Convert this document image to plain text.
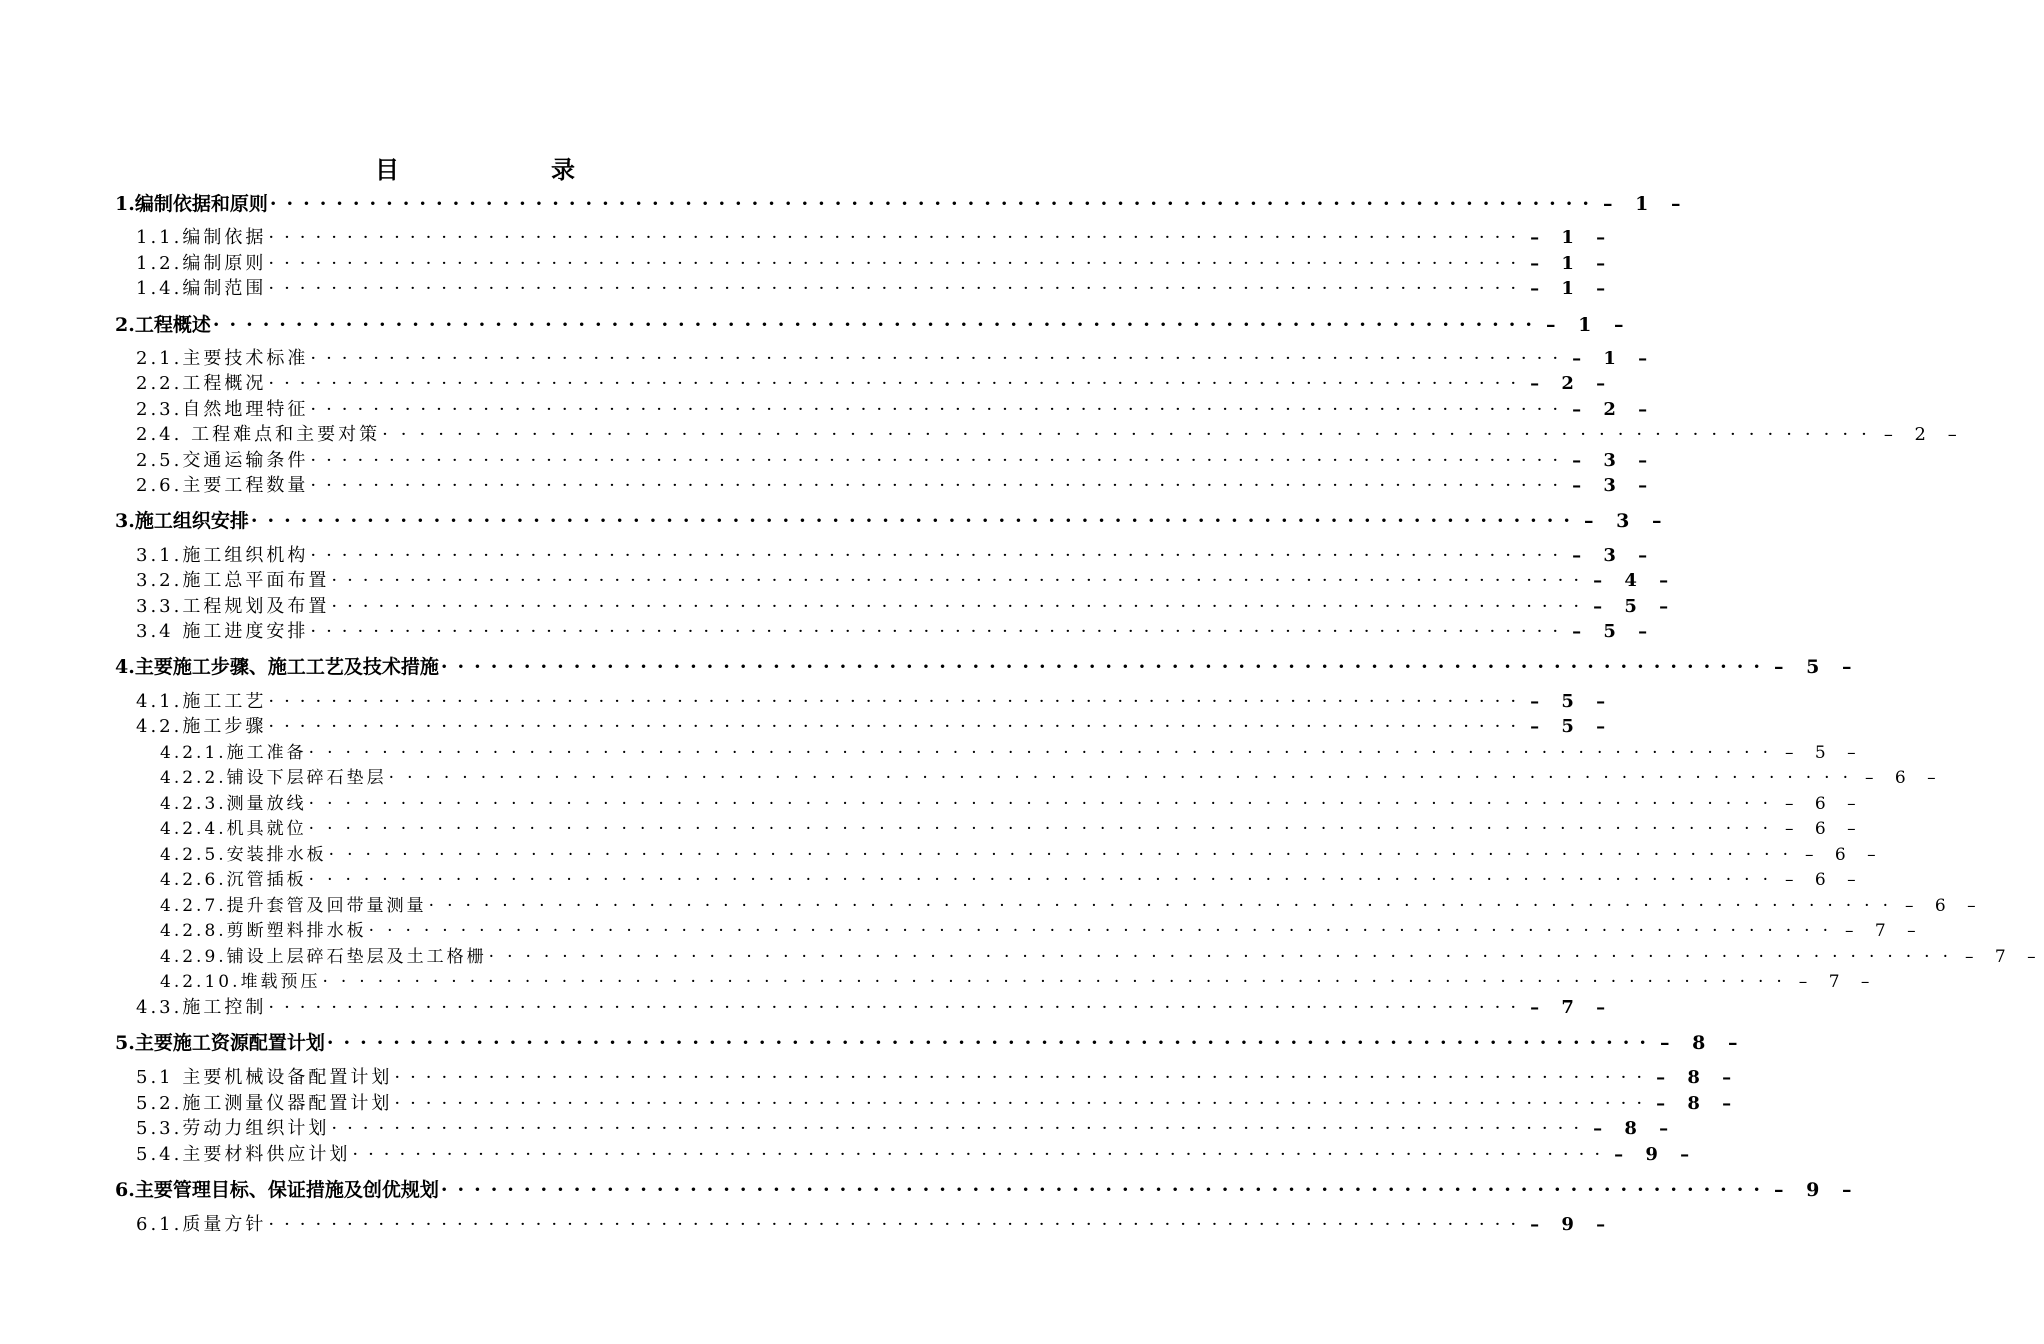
目　录
1.编制依据和原则 ················································································ – 1 –
1.1.编制依据 ················································································ – 1 –
1.2.编制原则 ················································································ – 1 –
1.4.编制范围 ················································································ – 1 –
2.工程概述 ················································································ – 1 –
2.1.主要技术标准 ················································································ – 1 –
2.2.工程概况 ················································································ – 2 –
2.3.自然地理特征 ················································································ – 2 –
2.4. 工程难点和主要对策 ················································································ – 2 –
2.5.交通运输条件 ················································································ – 3 –
2.6.主要工程数量 ················································································ – 3 –
3.施工组织安排 ················································································ – 3 –
3.1.施工组织机构 ················································································ – 3 –
3.2.施工总平面布置 ················································································ – 4 –
3.3.工程规划及布置 ················································································ – 5 –
3.4 施工进度安排 ················································································ – 5 –
4.主要施工步骤、施工工艺及技术措施 ················································································ – 5 –
4.1.施工工艺 ················································································ – 5 –
4.2.施工步骤 ················································································ – 5 –
4.2.1.施工准备 ················································································ – 5 –
4.2.2.铺设下层碎石垫层 ················································································ – 6 –
4.2.3.测量放线 ················································································ – 6 –
4.2.4.机具就位 ················································································ – 6 –
4.2.5.安装排水板 ················································································ – 6 –
4.2.6.沉管插板 ················································································ – 6 –
4.2.7.提升套管及回带量测量 ················································································ – 6 –
4.2.8.剪断塑料排水板 ················································································ – 7 –
4.2.9.铺设上层碎石垫层及土工格栅 ················································································ – 7 –
4.2.10.堆载预压 ················································································ – 7 –
4.3.施工控制 ················································································ – 7 –
5.主要施工资源配置计划 ················································································ – 8 –
5.1 主要机械设备配置计划 ················································································ – 8 –
5.2.施工测量仪器配置计划 ················································································ – 8 –
5.3.劳动力组织计划 ················································································ – 8 –
5.4.主要材料供应计划 ················································································ – 9 –
6.主要管理目标、保证措施及创优规划 ················································································ – 9 –
6.1.质量方针 ················································································ – 9 –
